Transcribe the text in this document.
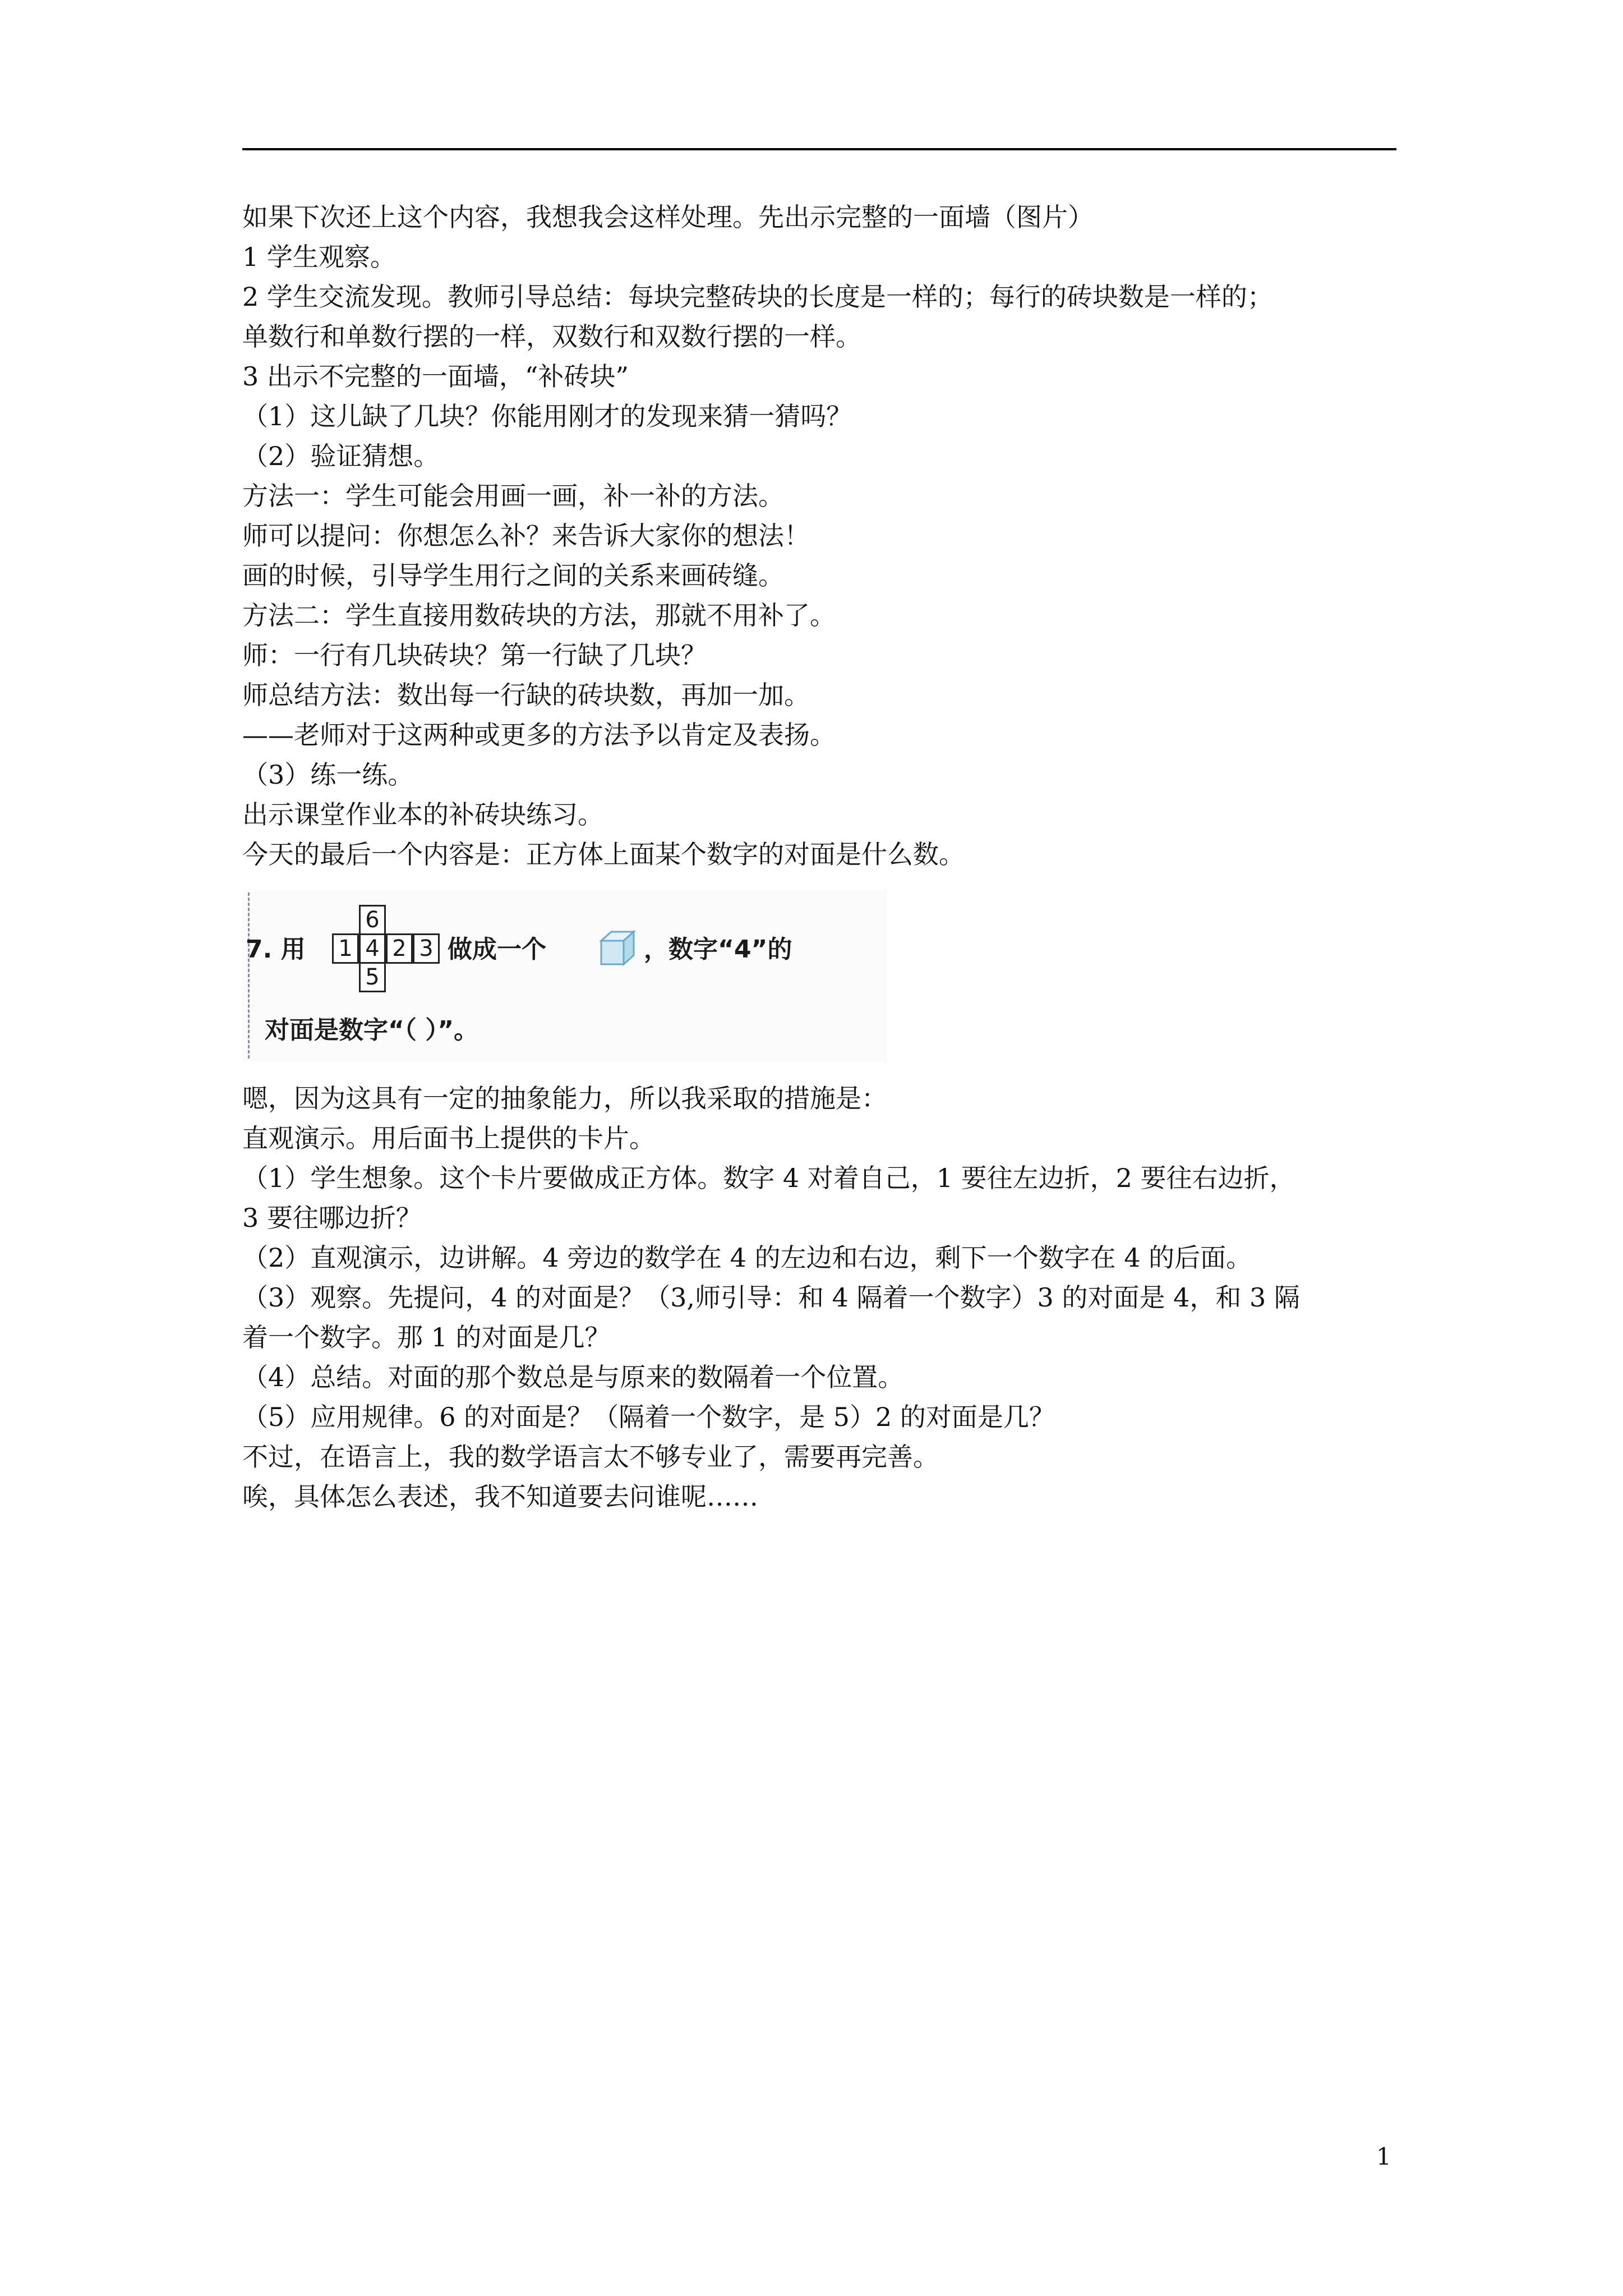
如果下次还上这个内容，我想我会这样处理。先出示完整的一面墙（图片）
1 学生观察。
2 学生交流发现。教师引导总结：每块完整砖块的长度是一样的；每行的砖块数是一样的；
单数行和单数行摆的一样，双数行和双数行摆的一样。
3 出示不完整的一面墙，“补砖块”
（1）这儿缺了几块？你能用刚才的发现来猜一猜吗？
（2）验证猜想。
方法一：学生可能会用画一画，补一补的方法。
师可以提问：你想怎么补？来告诉大家你的想法！
画的时候，引导学生用行之间的关系来画砖缝。
方法二：学生直接用数砖块的方法，那就不用补了。
师：一行有几块砖块？第一行缺了几块？
师总结方法：数出每一行缺的砖块数，再加一加。
——老师对于这两种或更多的方法予以肯定及表扬。
（3）练一练。
出示课堂作业本的补砖块练习。
今天的最后一个内容是：正方体上面某个数字的对面是什么数。
7. 用
6
1 4 2 3
5
做成一个	，数字“4”的
对面是数字“（ ）”。
嗯，因为这具有一定的抽象能力，所以我采取的措施是：
直观演示。用后面书上提供的卡片。
（1）学生想象。这个卡片要做成正方体。数字 4 对着自己，1 要往左边折，2 要往右边折，
3 要往哪边折？
（2）直观演示，边讲解。4 旁边的数学在 4 的左边和右边，剩下一个数字在 4 的后面。
（3）观察。先提问，4 的对面是？（3,师引导：和 4 隔着一个数字）3 的对面是 4，和 3 隔
着一个数字。那 1 的对面是几？
（4）总结。对面的那个数总是与原来的数隔着一个位置。
（5）应用规律。6 的对面是？（隔着一个数字，是 5）2 的对面是几？
不过，在语言上，我的数学语言太不够专业了，需要再完善。
唉，具体怎么表述，我不知道要去问谁呢……
1
